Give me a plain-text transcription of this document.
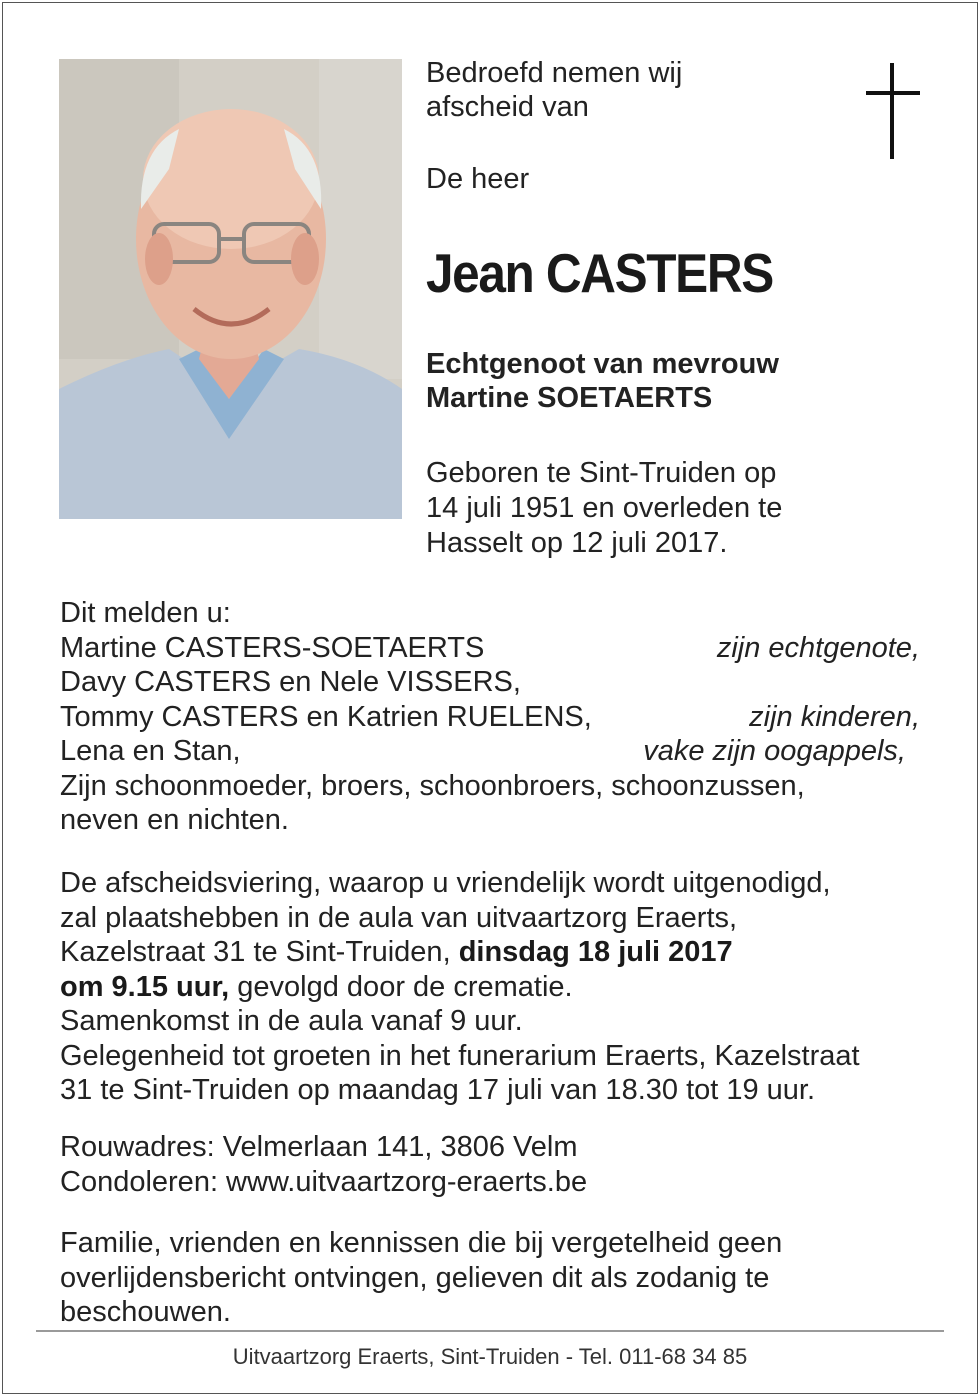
Bedroefd nemen wij
afscheid van
De heer
Jean CASTERS
Echtgenoot van mevrouw
Martine SOETAERTS
Geboren te Sint-Truiden op
14 juli 1951 en overleden te
Hasselt op 12 juli 2017.
Dit melden u:
Martine CASTERS-SOETAERTS	zijn echtgenote,
Davy CASTERS en Nele VISSERS,
Tommy CASTERS en Katrien RUELENS,	zijn kinderen,
Lena en Stan,	vake zijn oogappels,
Zijn schoonmoeder, broers, schoonbroers, schoonzussen,
neven en nichten.
De afscheidsviering, waarop u vriendelijk wordt uitgenodigd,
zal plaatshebben in de aula van uitvaartzorg Eraerts,
Kazelstraat 31 te Sint-Truiden, dinsdag 18 juli 2017
om 9.15 uur, gevolgd door de crematie.
Samenkomst in de aula vanaf 9 uur.
Gelegenheid tot groeten in het funerarium Eraerts, Kazelstraat
31 te Sint-Truiden op maandag 17 juli van 18.30 tot 19 uur.
Rouwadres: Velmerlaan 141, 3806 Velm
Condoleren: www.uitvaartzorg-eraerts.be
Familie, vrienden en kennissen die bij vergetelheid geen
overlijdensbericht ontvingen, gelieven dit als zodanig te
beschouwen.
Uitvaartzorg Eraerts, Sint-Truiden - Tel. 011-68 34 85
